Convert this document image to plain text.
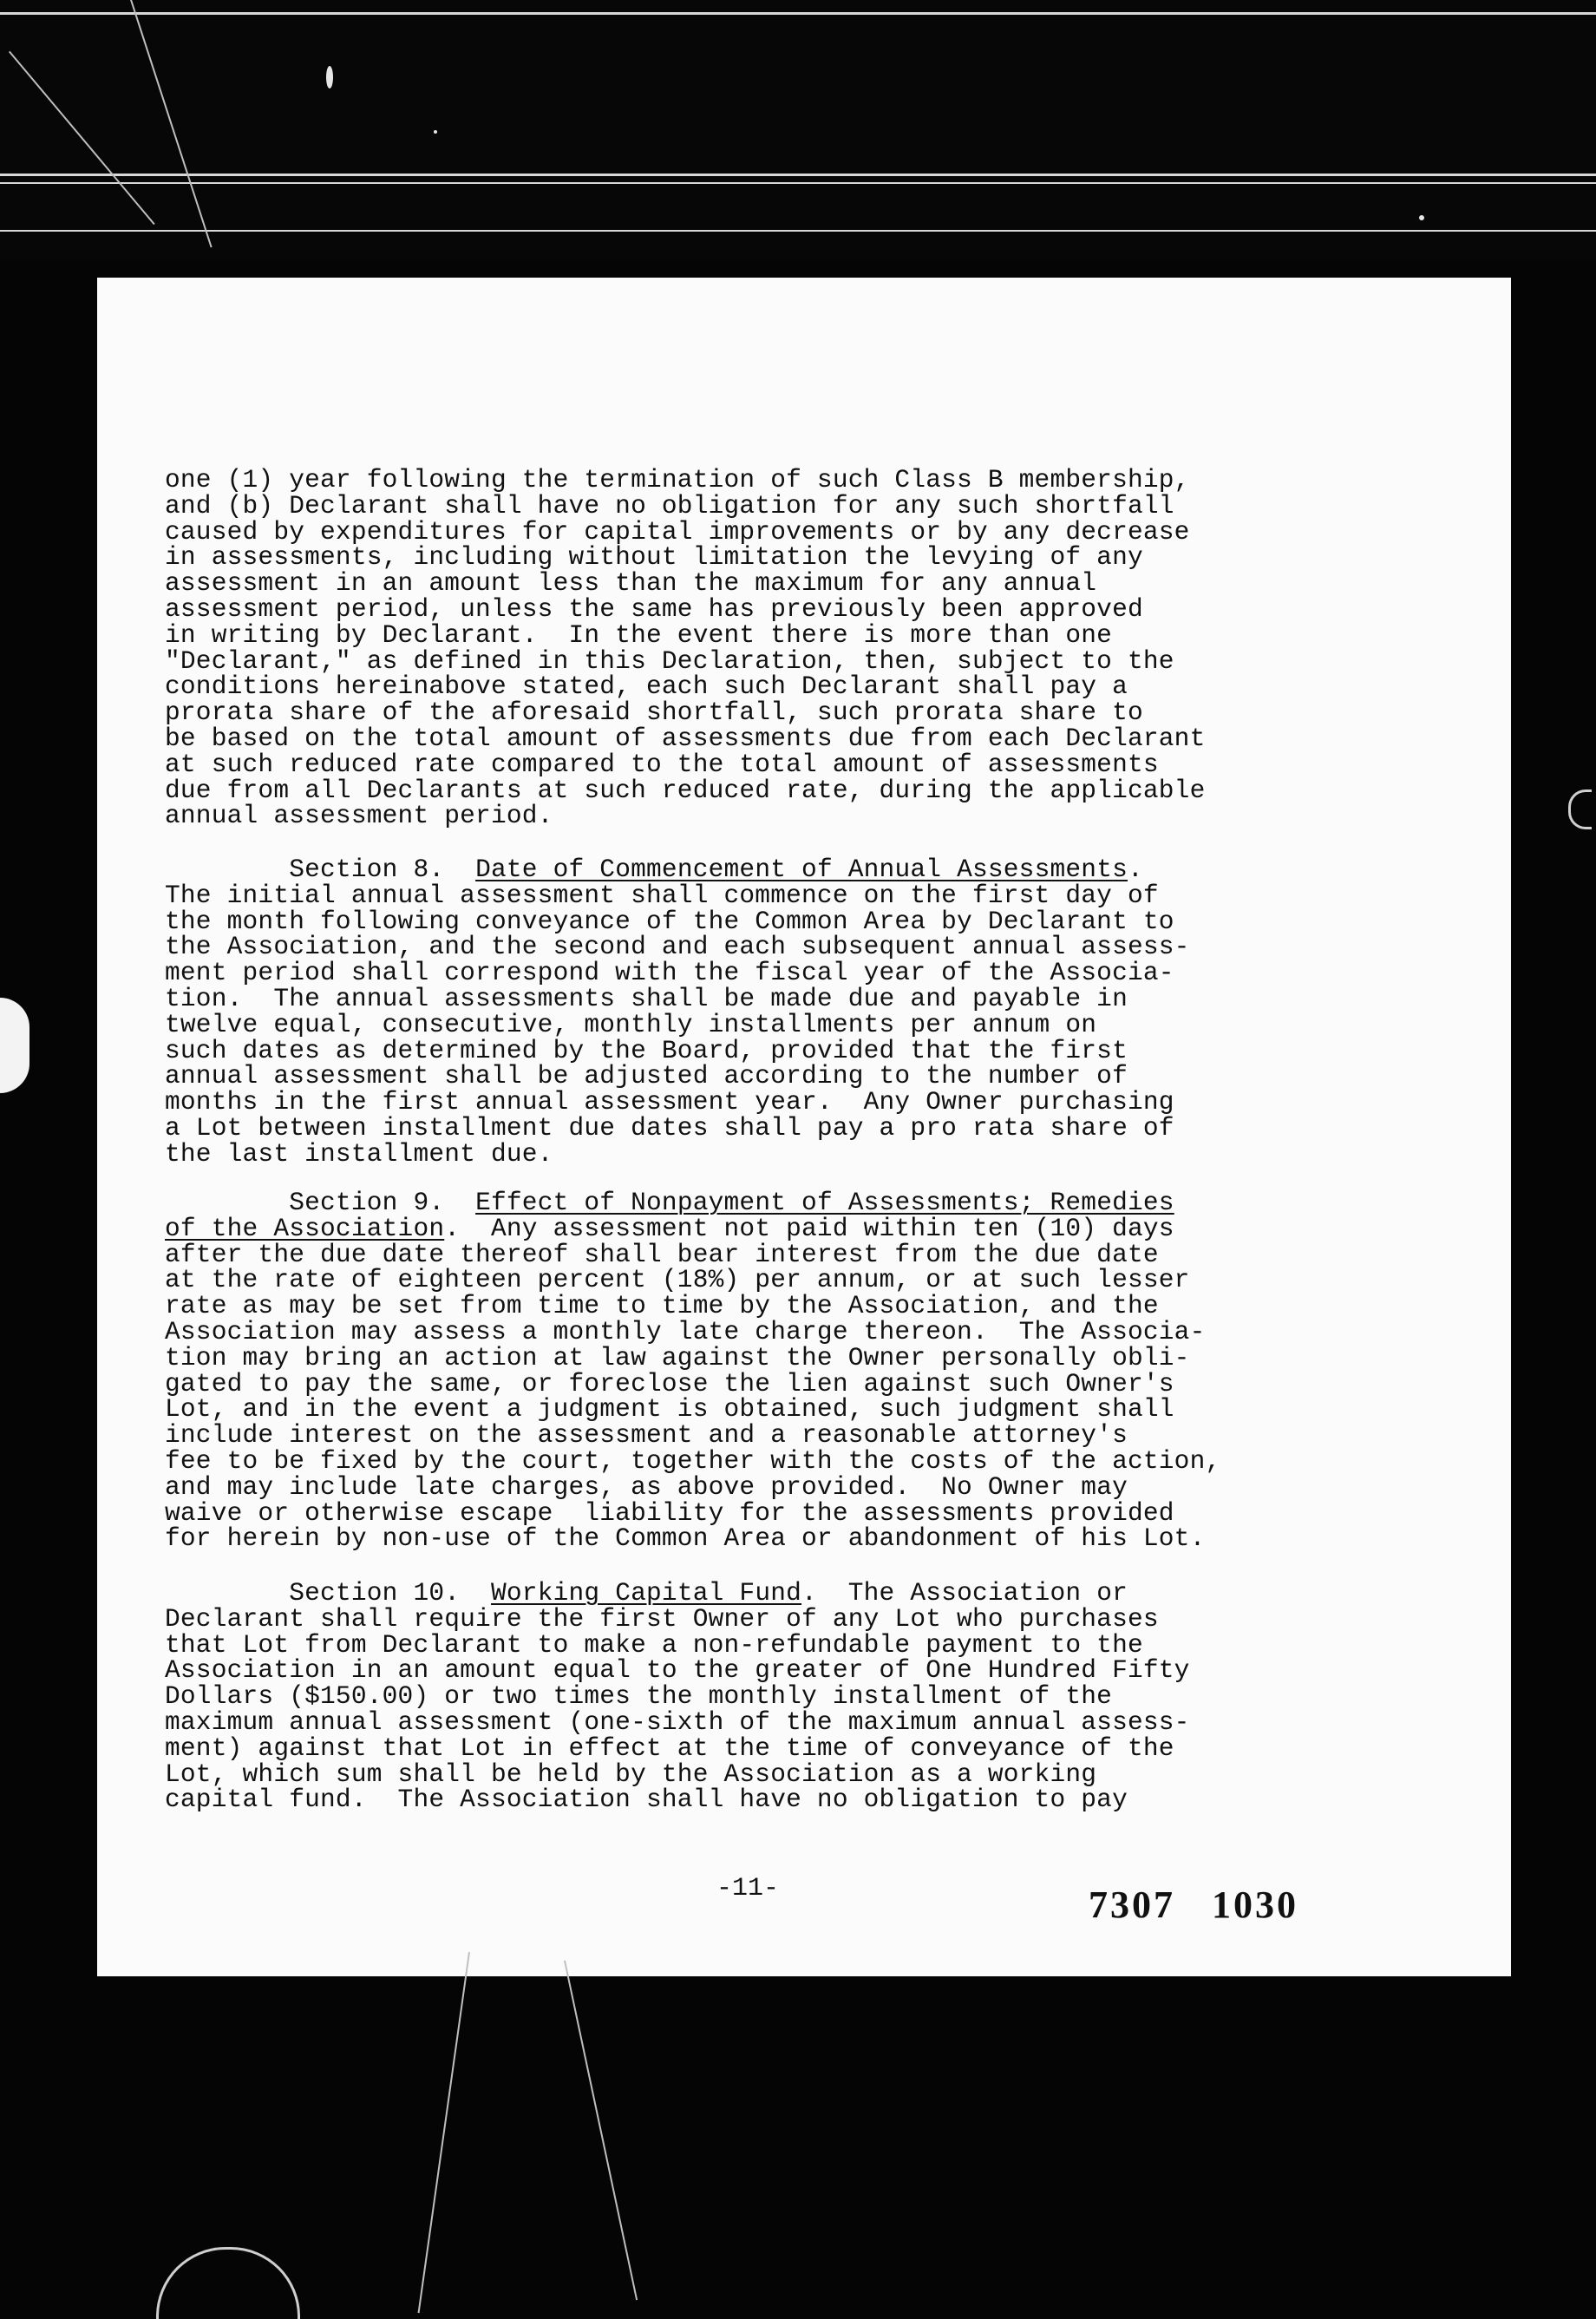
one (1) year following the termination of such Class B membership,
and (b) Declarant shall have no obligation for any such shortfall
caused by expenditures for capital improvements or by any decrease
in assessments, including without limitation the levying of any
assessment in an amount less than the maximum for any annual
assessment period, unless the same has previously been approved
in writing by Declarant.  In the event there is more than one
"Declarant," as defined in this Declaration, then, subject to the
conditions hereinabove stated, each such Declarant shall pay a
prorata share of the aforesaid shortfall, such prorata share to
be based on the total amount of assessments due from each Declarant
at such reduced rate compared to the total amount of assessments
due from all Declarants at such reduced rate, during the applicable
annual assessment period.
Section 8. Date of Commencement of Annual Assessments.
The initial annual assessment shall commence on the first day of
the month following conveyance of the Common Area by Declarant to
the Association, and the second and each subsequent annual assess-
ment period shall correspond with the fiscal year of the Associa-
tion.  The annual assessments shall be made due and payable in
twelve equal, consecutive, monthly installments per annum on
such dates as determined by the Board, provided that the first
annual assessment shall be adjusted according to the number of
months in the first annual assessment year.  Any Owner purchasing
a Lot between installment due dates shall pay a pro rata share of
the last installment due.
Section 9. Effect of Nonpayment of Assessments; Remedies
of the Association.  Any assessment not paid within ten (10) days
after the due date thereof shall bear interest from the due date
at the rate of eighteen percent (18%) per annum, or at such lesser
rate as may be set from time to time by the Association, and the
Association may assess a monthly late charge thereon.  The Associa-
tion may bring an action at law against the Owner personally obli-
gated to pay the same, or foreclose the lien against such Owner's
Lot, and in the event a judgment is obtained, such judgment shall
include interest on the assessment and a reasonable attorney's
fee to be fixed by the court, together with the costs of the action,
and may include late charges, as above provided.  No Owner may
waive or otherwise escape  liability for the assessments provided
for herein by non-use of the Common Area or abandonment of his Lot.
Section 10. Working Capital Fund.  The Association or
Declarant shall require the first Owner of any Lot who purchases
that Lot from Declarant to make a non-refundable payment to the
Association in an amount equal to the greater of One Hundred Fifty
Dollars ($150.00) or two times the monthly installment of the
maximum annual assessment (one-sixth of the maximum annual assess-
ment) against that Lot in effect at the time of conveyance of the
Lot, which sum shall be held by the Association as a working
capital fund.  The Association shall have no obligation to pay
-11-	7307   1030
